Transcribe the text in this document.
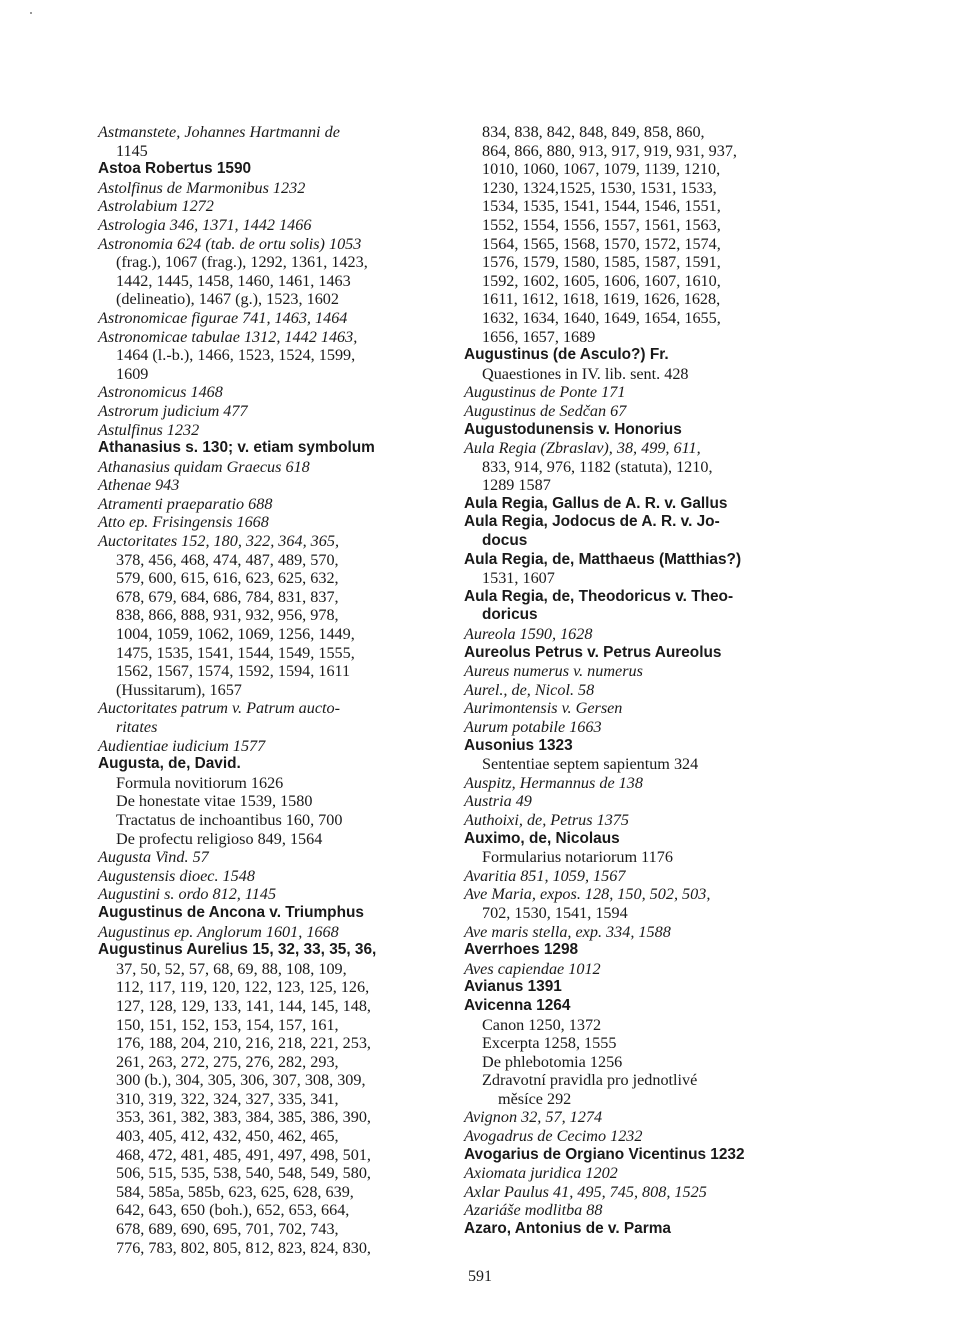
Astmanstete, Johannes Hartmanni de
1145
Astoa Robertus 1590
Astolfinus de Marmonibus 1232
Astrolabium 1272
Astrologia 346, 1371, 1442 1466
Astronomia 624 (tab. de ortu solis) 1053
(frag.), 1067 (frag.), 1292, 1361, 1423,
1442, 1445, 1458, 1460, 1461, 1463
(delineatio), 1467 (g.), 1523, 1602
Astronomicae figurae 741, 1463, 1464
Astronomicae tabulae 1312, 1442 1463,
1464 (l.-b.), 1466, 1523, 1524, 1599,
1609
Astronomicus 1468
Astrorum judicium 477
Astulfinus 1232
Athanasius s. 130; v. etiam symbolum
Athanasius quidam Graecus 618
Athenae 943
Atramenti praeparatio 688
Atto ep. Frisingensis 1668
Auctoritates 152, 180, 322, 364, 365,
378, 456, 468, 474, 487, 489, 570,
579, 600, 615, 616, 623, 625, 632,
678, 679, 684, 686, 784, 831, 837,
838, 866, 888, 931, 932, 956, 978,
1004, 1059, 1062, 1069, 1256, 1449,
1475, 1535, 1541, 1544, 1549, 1555,
1562, 1567, 1574, 1592, 1594, 1611
(Hussitarum), 1657
Auctoritates patrum v. Patrum aucto-
ritates
Audientiae iudicium 1577
Augusta, de, David.
Formula novitiorum 1626
De honestate vitae 1539, 1580
Tractatus de inchoantibus 160, 700
De profectu religioso 849, 1564
Augusta Vind. 57
Augustensis dioec. 1548
Augustini s. ordo 812, 1145
Augustinus de Ancona v. Triumphus
Augustinus ep. Anglorum 1601, 1668
Augustinus Aurelius 15, 32, 33, 35, 36,
37, 50, 52, 57, 68, 69, 88, 108, 109,
112, 117, 119, 120, 122, 123, 125, 126,
127, 128, 129, 133, 141, 144, 145, 148,
150, 151, 152, 153, 154, 157, 161,
176, 188, 204, 210, 216, 218, 221, 253,
261, 263, 272, 275, 276, 282, 293,
300 (b.), 304, 305, 306, 307, 308, 309,
310, 319, 322, 324, 327, 335, 341,
353, 361, 382, 383, 384, 385, 386, 390,
403, 405, 412, 432, 450, 462, 465,
468, 472, 481, 485, 491, 497, 498, 501,
506, 515, 535, 538, 540, 548, 549, 580,
584, 585a, 585b, 623, 625, 628, 639,
642, 643, 650 (boh.), 652, 653, 664,
678, 689, 690, 695, 701, 702, 743,
776, 783, 802, 805, 812, 823, 824, 830,
834, 838, 842, 848, 849, 858, 860,
864, 866, 880, 913, 917, 919, 931, 937,
1010, 1060, 1067, 1079, 1139, 1210,
1230, 1324,1525, 1530, 1531, 1533,
1534, 1535, 1541, 1544, 1546, 1551,
1552, 1554, 1556, 1557, 1561, 1563,
1564, 1565, 1568, 1570, 1572, 1574,
1576, 1579, 1580, 1585, 1587, 1591,
1592, 1602, 1605, 1606, 1607, 1610,
1611, 1612, 1618, 1619, 1626, 1628,
1632, 1634, 1640, 1649, 1654, 1655,
1656, 1657, 1689
Augustinus (de Asculo?) Fr.
Quaestiones in IV. lib. sent. 428
Augustinus de Ponte 171
Augustinus de Sedčan 67
Augustodunensis v. Honorius
Aula Regia (Zbraslav), 38, 499, 611,
833, 914, 976, 1182 (statuta), 1210,
1289 1587
Aula Regia, Gallus de A. R. v. Gallus
Aula Regia, Jodocus de A. R. v. Jo-
docus
Aula Regia, de, Matthaeus (Matthias?)
1531, 1607
Aula Regia, de, Theodoricus v. Theo-
doricus
Aureola 1590, 1628
Aureolus Petrus v. Petrus Aureolus
Aureus numerus v. numerus
Aurel., de, Nicol. 58
Aurimontensis v. Gersen
Aurum potabile 1663
Ausonius 1323
Sententiae septem sapientum 324
Auspitz, Hermannus de 138
Austria 49
Authoixi, de, Petrus 1375
Auximo, de, Nicolaus
Formularius notariorum 1176
Avaritia 851, 1059, 1567
Ave Maria, expos. 128, 150, 502, 503,
702, 1530, 1541, 1594
Ave maris stella, exp. 334, 1588
Averrhoes 1298
Aves capiendae 1012
Avianus 1391
Avicenna 1264
Canon 1250, 1372
Excerpta 1258, 1555
De phlebotomia 1256
Zdravotní pravidla pro jednotlivé
měsíce 292
Avignon 32, 57, 1274
Avogadrus de Cecimo 1232
Avogarius de Orgiano Vicentinus 1232
Axiomata juridica 1202
Axlar Paulus 41, 495, 745, 808, 1525
Azariáše modlitba 88
Azaro, Antonius de v. Parma
591
